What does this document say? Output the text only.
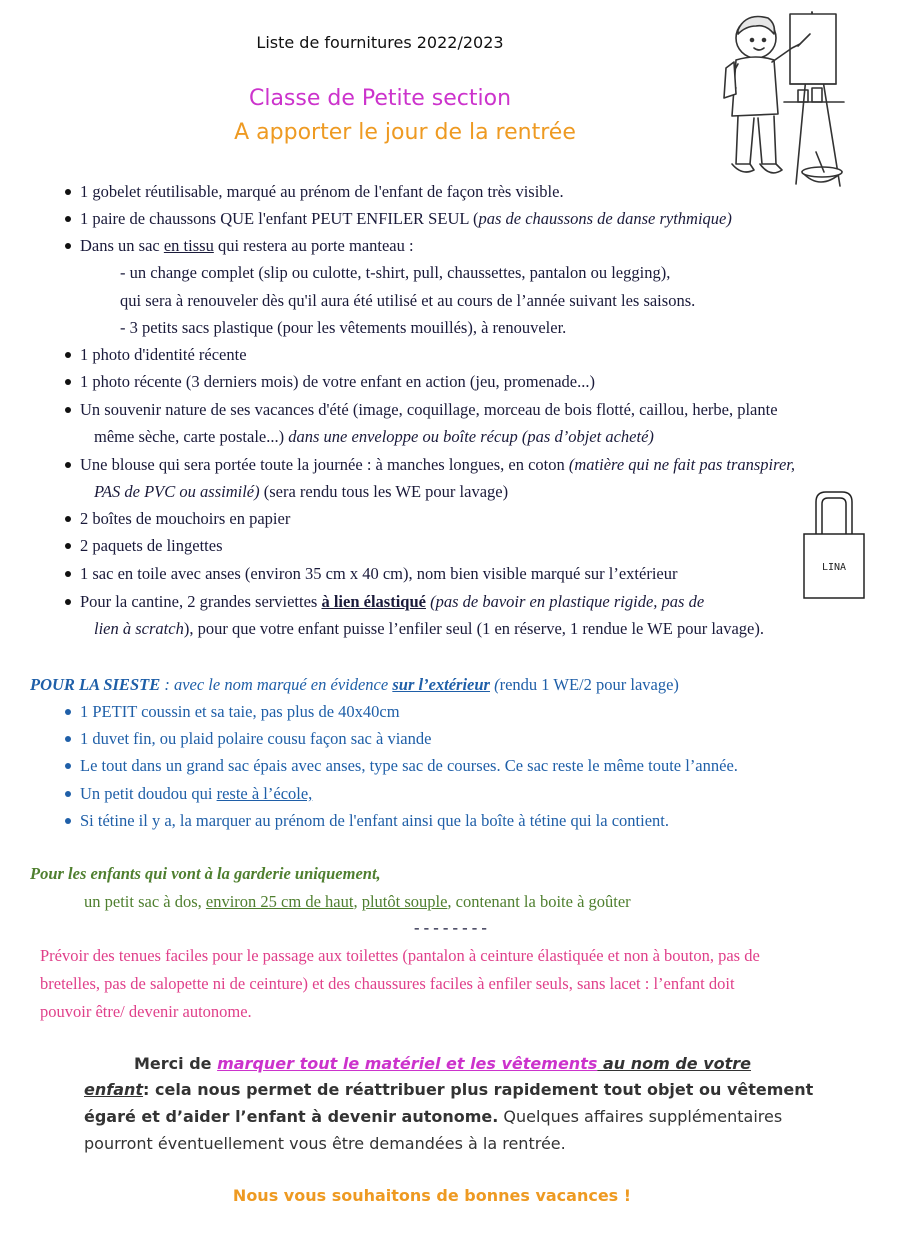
Liste de fournitures 2022/2023
Classe de Petite section
A apporter le jour de la rentrée
1 gobelet réutilisable, marqué au prénom de l'enfant de façon très visible.
1 paire de chaussons QUE l'enfant PEUT ENFILER SEUL (pas de chaussons de danse rythmique)
Dans un sac en tissu qui restera au porte manteau :
- un change complet (slip ou culotte, t-shirt, pull, chaussettes, pantalon ou legging),
qui sera à renouveler dès qu'il aura été utilisé et au cours de l’année suivant les saisons.
- 3 petits sacs plastique (pour les vêtements mouillés), à renouveler.
1 photo d'identité récente
1 photo récente (3 derniers mois) de votre enfant en action (jeu, promenade...)
Un souvenir nature de ses vacances d'été (image, coquillage, morceau de bois flotté, caillou, herbe, plante
même sèche, carte postale...) dans une enveloppe ou boîte récup (pas d’objet acheté)
Une blouse qui sera portée toute la journée : à manches longues, en coton (matière qui ne fait pas transpirer,
PAS de PVC ou assimilé) (sera rendu tous les WE pour lavage)
2 boîtes de mouchoirs en papier
2 paquets de lingettes
1 sac en toile avec anses (environ 35 cm x 40 cm), nom bien visible marqué sur l’extérieur
Pour la cantine, 2 grandes serviettes à lien élastiqué (pas de bavoir en plastique rigide, pas de
lien à scratch), pour que votre enfant puisse l’enfiler seul (1 en réserve, 1 rendue le WE pour lavage).
LINA
POUR LA SIESTE : avec le nom marqué en évidence sur l’extérieur (rendu 1 WE/2 pour lavage)
1 PETIT coussin et sa taie, pas plus de 40x40cm
1 duvet fin, ou plaid polaire cousu façon sac à viande
Le tout dans un grand sac épais avec anses, type sac de courses. Ce sac reste le même toute l’année.
Un petit doudou qui reste à l’école,
Si tétine il y a, la marquer au prénom de l'enfant ainsi que la boîte à tétine qui la contient.
Pour les enfants qui vont à la garderie uniquement,
un petit sac à dos, environ 25 cm de haut, plutôt souple, contenant la boite à goûter
- - - - - - - -
Prévoir des tenues faciles pour le passage aux toilettes (pantalon à ceinture élastiquée et non à bouton, pas de
bretelles, pas de salopette ni de ceinture) et des chaussures faciles à enfiler seuls, sans lacet : l’enfant doit
pouvoir être/ devenir autonome.
Merci de marquer tout le matériel et les vêtements au nom de votre
enfant: cela nous permet de réattribuer plus rapidement tout objet ou vêtement
égaré et d’aider l’enfant à devenir autonome. Quelques affaires supplémentaires
pourront éventuellement vous être demandées à la rentrée.
Nous vous souhaitons de bonnes vacances !
